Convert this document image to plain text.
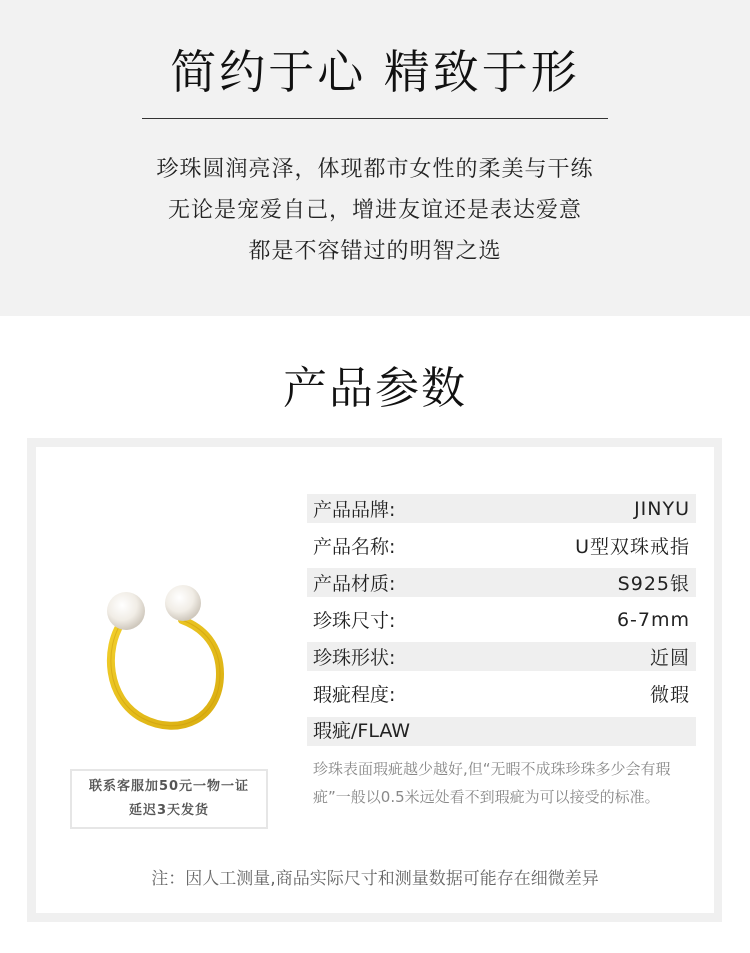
简约于心 精致于形
珍珠圆润亮泽，体现都市女性的柔美与干练
无论是宠爱自己，增进友谊还是表达爱意
都是不容错过的明智之选
产品参数
联系客服加50元一物一证
延迟3天发货
产品品牌:	JINYU
产品名称:	U型双珠戒指
产品材质:	S925银
珍珠尺寸:	6-7mm
珍珠形状:	近圆
瑕疵程度:	微瑕
瑕疵/FLAW
珍珠表面瑕疵越少越好,但“无暇不成珠珍珠多少会有瑕疵”一般以0.5米远处看不到瑕疵为可以接受的标准。
注：因人工测量,商品实际尺寸和测量数据可能存在细微差异
